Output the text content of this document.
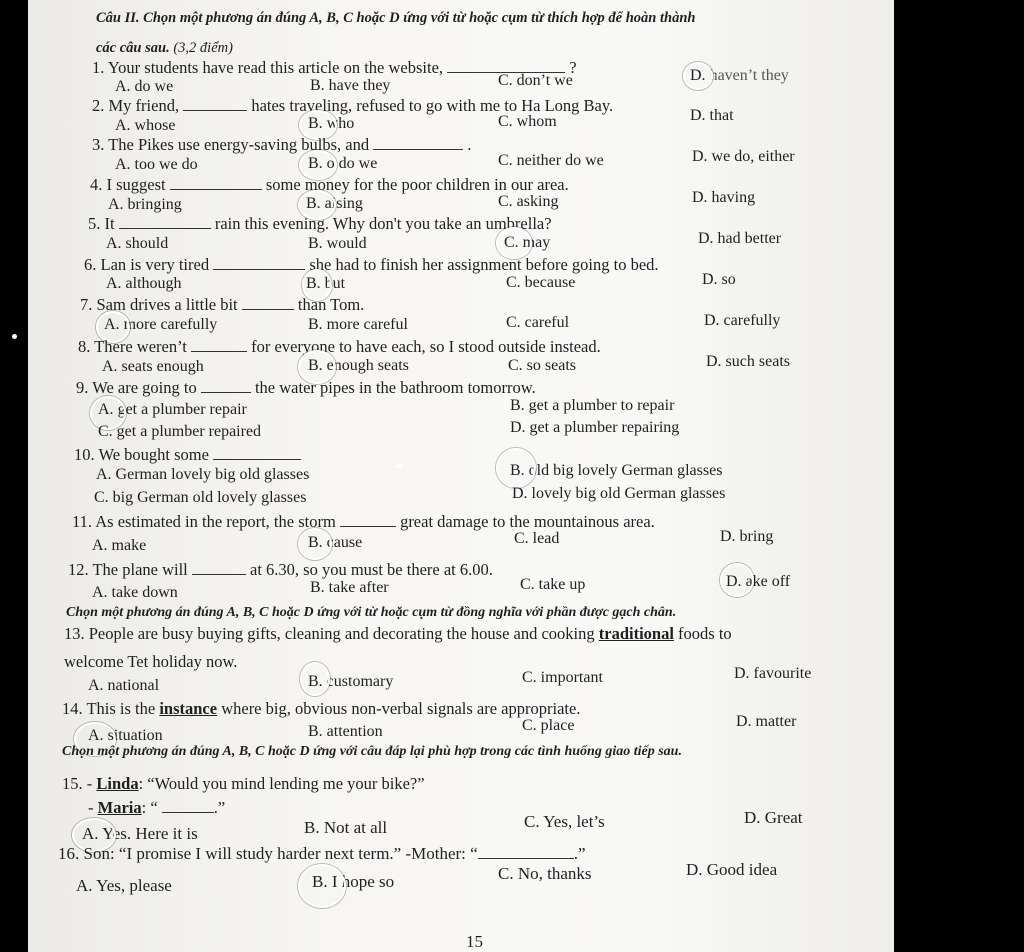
Câu II. Chọn một phương án đúng A, B, C hoặc D ứng với từ hoặc cụm từ thích hợp để hoàn thành
các câu sau. (3,2 điểm)
1. Your students have read this article on the website,	?
A. do we	B. have they	C. don’t we	D. haven’t they
2. My friend,	hates traveling, refused to go with me to Ha Long Bay.
A. whose	B. who	C. whom	D. that
3. The Pikes use energy-saving bulbs, and	.
A. too we do	B. o do we	C. neither do we	D. we do, either
4. I suggest	some money for the poor children in our area.
A. bringing	B. aising	C. asking	D. having
5. It	rain this evening. Why don't you take an umbrella?
A. should	B. would	C. may	D. had better
6. Lan is very tired	she had to finish her assignment before going to bed.
A. although	B. but	C. because	D. so
7. Sam drives a little bit	than Tom.
A. more carefully	B. more careful	C. careful	D. carefully
8. There weren’t	for everyone to have each, so I stood outside instead.
A. seats enough	B. enough seats	C. so seats	D. such seats
9. We are going to	the water pipes in the bathroom tomorrow.
A. get a plumber repair	B. get a plumber to repair
C. get a plumber repaired	D. get a plumber repairing
10. We bought some
A. German lovely big old glasses	B. old big lovely German glasses
C. big German old lovely glasses	D. lovely big old German glasses
11. As estimated in the report, the storm	great damage to the mountainous area.
A. make	B. cause	C. lead	D. bring
12. The plane will	at 6.30, so you must be there at 6.00.
A. take down	B. take after	C. take up	D. ake off
Chọn một phương án đúng A, B, C hoặc D ứng với từ hoặc cụm từ đồng nghĩa với phần được gạch chân.
13. People are busy buying gifts, cleaning and decorating the house and cooking traditional foods to
welcome Tet holiday now.
A. national	B. customary	C. important	D. favourite
14. This is the instance where big, obvious non-verbal signals are appropriate.
A. situation	B. attention	C. place	D. matter
Chọn một phương án đúng A, B, C hoặc D ứng với câu đáp lại phù hợp trong các tình huống giao tiếp sau.
15. - Linda: “Would you mind lending me your bike?”
- Maria: “	.”
A. Yes. Here it is	B. Not at all	C. Yes, let’s	D. Great
16. Son: “I promise I will study harder next term.” -Mother: “	.”
A. Yes, please	B. I hope so	C. No, thanks	D. Good idea
15
